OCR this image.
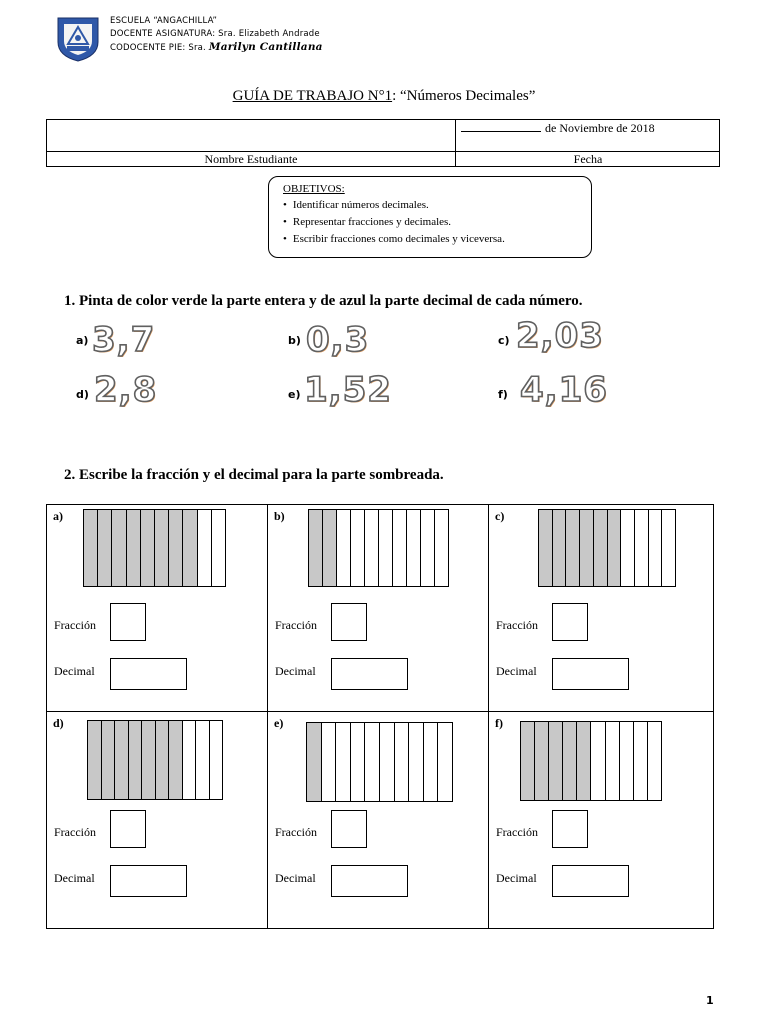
ESCUELA “ANGACHILLA”
DOCENTE ASIGNATURA: Sra. Elizabeth Andrade
CODOCENTE PIE: Sra. Marilyn Cantillana
GUÍA DE TRABAJO N°1: “Números Decimales”
de Noviembre de 2018
Nombre Estudiante	Fecha
OBJETIVOS:
• Identificar números decimales.
• Representar fracciones y decimales.
• Escribir fracciones como decimales y viceversa.
1. Pinta de color verde la parte entera y de azul la parte decimal de cada número.
a) 3,7	b) 0,3	c) 2,03
d) 2,8	e) 1,52	f) 4,16
2. Escribe la fracción y el decimal para la parte sombreada.
a)
Fracción
Decimal
b)
Fracción
Decimal
c)
Fracción
Decimal
d)
Fracción
Decimal
e)
Fracción
Decimal
f)
Fracción
Decimal
1
